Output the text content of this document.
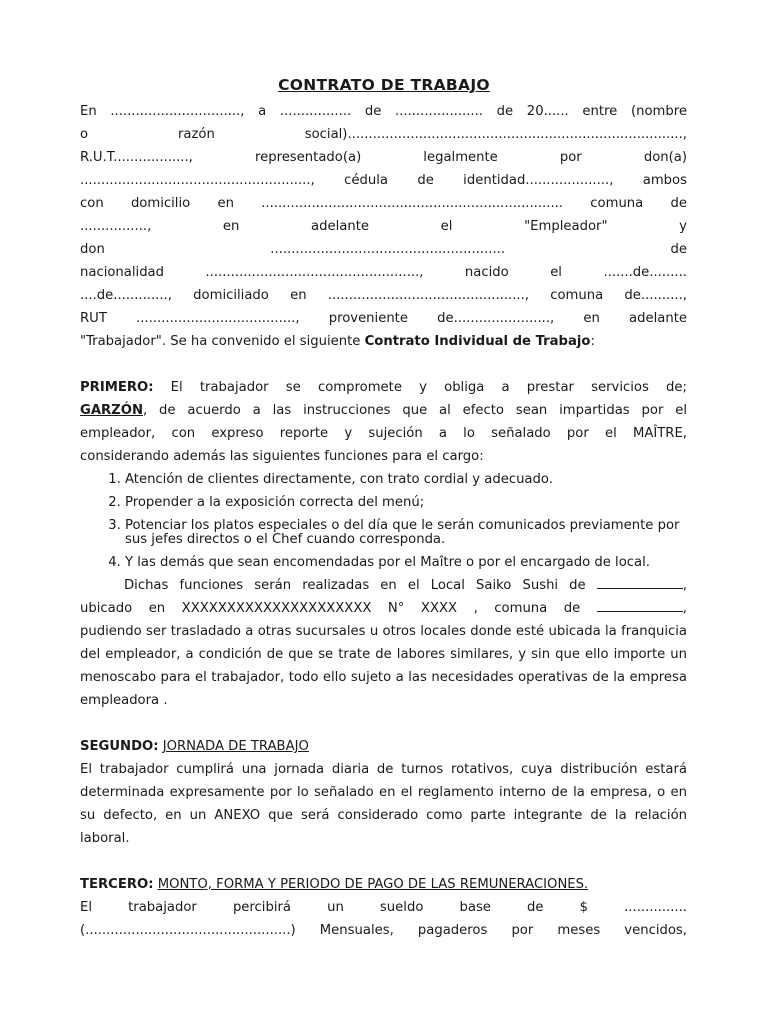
CONTRATO DE TRABAJO

En ..............................., a ................. de ..................... de 20...... entre (nombre

o razón social)................................................................................,

R.U.T.................., representado(a) legalmente por don(a)

......................................................., cédula de identidad...................., ambos

con domicilio en ........................................................................ comuna de

................, en adelante el "Empleador" y

don ........................................................ de

nacionalidad ..................................................., nacido el .......de.........

....de............., domiciliado en ..............................................., comuna de..........,

RUT ......................................, proveniente de......................., en adelante

"Trabajador". Se ha convenido el siguiente Contrato Individual de Trabajo:

PRIMERO: El trabajador se compromete y obliga a prestar servicios de;

GARZÓN, de acuerdo a las instrucciones que al efecto sean impartidas por el

empleador, con expreso reporte y sujeción a lo señalado por el MAÎTRE,

considerando además las siguientes funciones para el cargo:

1. Atención de clientes directamente, con trato cordial y adecuado.
2. Propender a la exposición correcta del menú;
3. Potenciar los platos especiales o del día que le serán comunicados previamente por sus jefes directos o el Chef cuando corresponda.
4. Y las demás que sean encomendadas por el Maître o por el encargado de local.

Dichas funciones serán realizadas en el Local Saiko Sushi de	,

ubicado en XXXXXXXXXXXXXXXXXXXXX N° XXXX , comuna de	,

pudiendo ser trasladado a otras sucursales u otros locales donde esté ubicada la franquicia del empleador, a condición de que se trate de labores similares, y sin que ello importe un menoscabo para el trabajador, todo ello sujeto a las necesidades operativas de la empresa empleadora .

SEGUNDO: JORNADA DE TRABAJO

El trabajador cumplirá una jornada diaria de turnos rotativos, cuya distribución estará determinada expresamente por lo señalado en el reglamento interno de la empresa, o en su defecto, en un ANEXO que será considerado como parte integrante de la relación laboral.

TERCERO: MONTO, FORMA Y PERIODO DE PAGO DE LAS REMUNERACIONES.

El trabajador percibirá un sueldo base de $ ...............

(.................................................) Mensuales, pagaderos por meses vencidos,
